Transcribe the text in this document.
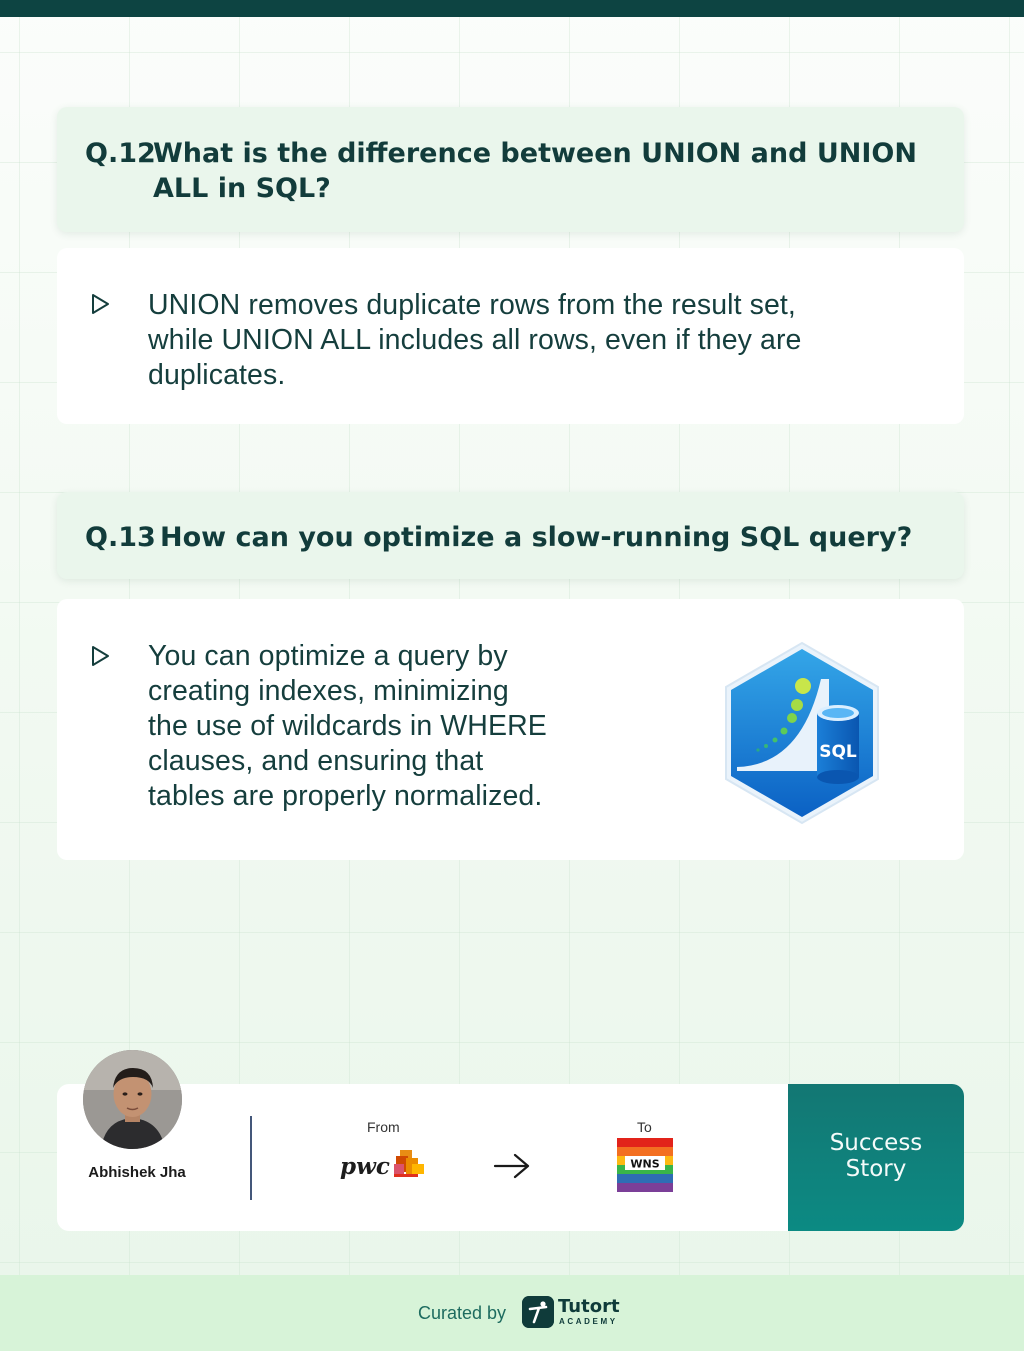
Q.12
What is the difference between UNION and UNION
ALL in SQL?
UNION removes duplicate rows from the result set,
while UNION ALL includes all rows, even if they are
duplicates.
Q.13 How can you optimize a slow-running SQL query?
You can optimize a query by
creating indexes, minimizing
the use of wildcards in WHERE
clauses, and ensuring that
tables are properly normalized.
SQL
Abhishek Jha
From
pwc
To
WNS
Success
Story
Curated by	Tutort
ACADEMY
